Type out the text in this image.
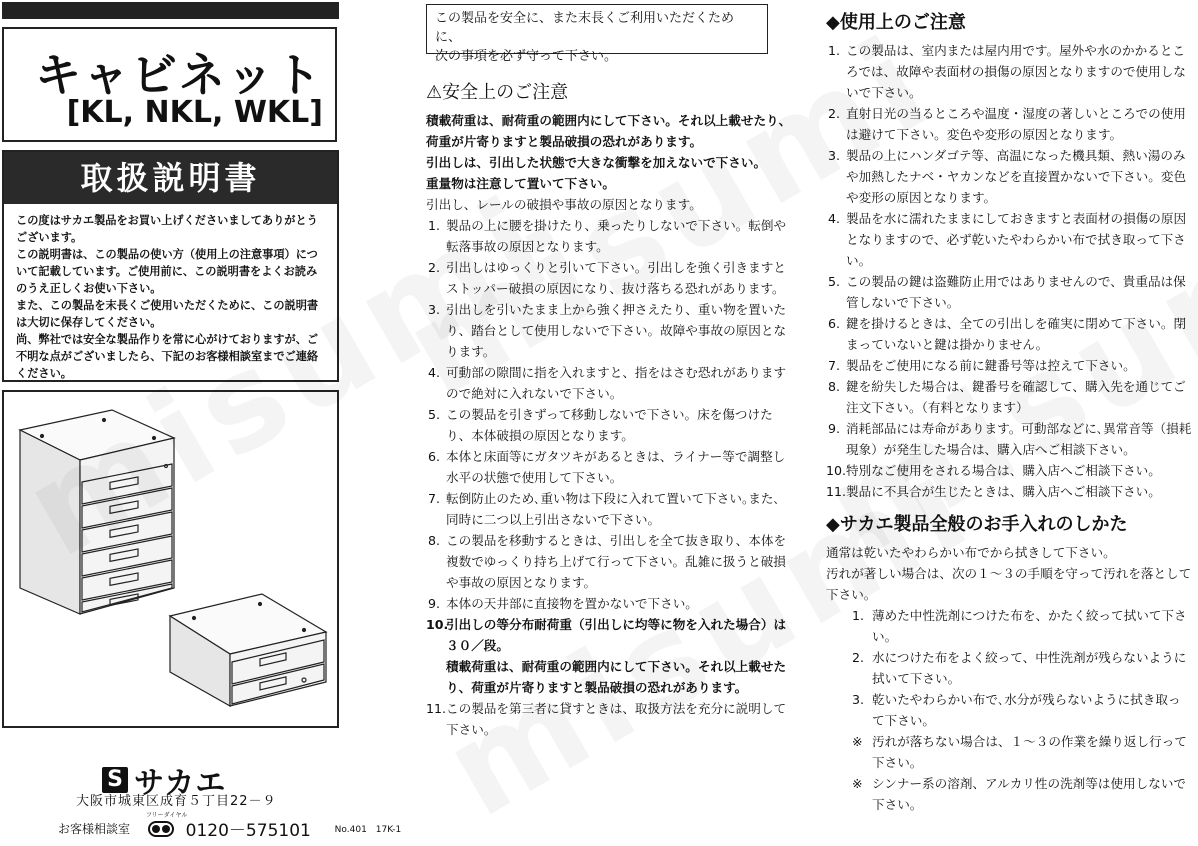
キャビネット
[KL, NKL, WKL]
取扱説明書

この度はサカエ製品をお買い上げくださいましてありがとうございます。

この説明書は、この製品の使い方（使用上の注意事項）について記載しています。ご使用前に、この説明書をよくお読みのうえ正しくお使い下さい。

また、この製品を末長くご使用いただくために、この説明書は大切に保存してください。

尚、弊社では安全な製品作りを常に心がけておりますが、ご不明な点がございましたら、下記のお客様相談室までご連絡ください。

S サカエ
大阪市城東区成育５丁目22－９
お客様相談室
フリーダイヤル
0120－575101	No.401　17K-1

この製品を安全に、また末長くご利用いただくために、

次の事項を必ず守って下さい。

⚠安全上のご注意

積載荷重は、耐荷重の範囲内にして下さい。それ以上載せたり、荷重が片寄りますと製品破損の恐れがあります。

引出しは、引出した状態で大きな衝撃を加えないで下さい。

重量物は注意して置いて下さい。

引出し、レールの破損や事故の原因となります。

1. 製品の上に腰を掛けたり、乗ったりしないで下さい。転倒や転落事故の原因となります。
2. 引出しはゆっくりと引いて下さい。引出しを強く引きますとストッパー破損の原因になり、抜け落ちる恐れがあります。
3. 引出しを引いたまま上から強く押さえたり、重い物を置いたり、踏台として使用しないで下さい。故障や事故の原因となります。
4. 可動部の隙間に指を入れますと、指をはさむ恐れがありますので絶対に入れないで下さい。
5. この製品を引きずって移動しないで下さい。床を傷つけたり、本体破損の原因となります。
6. 本体と床面等にガタツキがあるときは、ライナー等で調整し水平の状態で使用して下さい。
7. 転倒防止のため､重い物は下段に入れて置いて下さい｡また､同時に二つ以上引出さないで下さい。
8. この製品を移動するときは、引出しを全て抜き取り、本体を複数でゆっくり持ち上げて行って下さい。乱雑に扱うと破損や事故の原因となります。
9. 本体の天井部に直接物を置かないで下さい。
10.
引出しの等分布耐荷重（引出しに均等に物を入れた場合）は３０／段。
積載荷重は、耐荷重の範囲内にして下さい。それ以上載せたり、荷重が片寄りますと製品破損の恐れがあります。
11. この製品を第三者に貸すときは、取扱方法を充分に説明して下さい。
◆使用上のご注意
1. この製品は、室内または屋内用です。屋外や水のかかるところでは、故障や表面材の損傷の原因となりますので使用しないで下さい。
2. 直射日光の当るところや温度・湿度の著しいところでの使用は避けて下さい。変色や変形の原因となります。
3. 製品の上にハンダゴテ等、高温になった機具類、熱い湯のみや加熱したナベ・ヤカンなどを直接置かないで下さい。変色や変形の原因となります。
4. 製品を水に濡れたままにしておきますと表面材の損傷の原因となりますので、必ず乾いたやわらかい布で拭き取って下さい。
5. この製品の鍵は盗難防止用ではありませんので、貴重品は保管しないで下さい。
6. 鍵を掛けるときは、全ての引出しを確実に閉めて下さい。閉まっていないと鍵は掛かりません。
7. 製品をご使用になる前に鍵番号等は控えて下さい。
8. 鍵を紛失した場合は、鍵番号を確認して、購入先を通じてご注文下さい｡（有料となります）
9. 消耗部品には寿命があります。可動部などに､異常音等（損耗現象）が発生した場合は、購入店へご相談下さい。
10. 特別なご使用をされる場合は、購入店へご相談下さい。
11. 製品に不具合が生じたときは、購入店へご相談下さい。
◆サカエ製品全般のお手入れのしかた

通常は乾いたやわらかい布でから拭きして下さい。

汚れが著しい場合は、次の１～３の手順を守って汚れを落として下さい。

1. 薄めた中性洗剤につけた布を、かたく絞って拭いて下さい。
2. 水につけた布をよく絞って、中性洗剤が残らないように拭いて下さい。
3. 乾いたやわらかい布で､水分が残らないように拭き取って下さい。
※ 汚れが落ちない場合は、１～３の作業を繰り返し行って下さい。
※ シンナー系の溶剤、アルカリ性の洗剤等は使用しないで下さい。
